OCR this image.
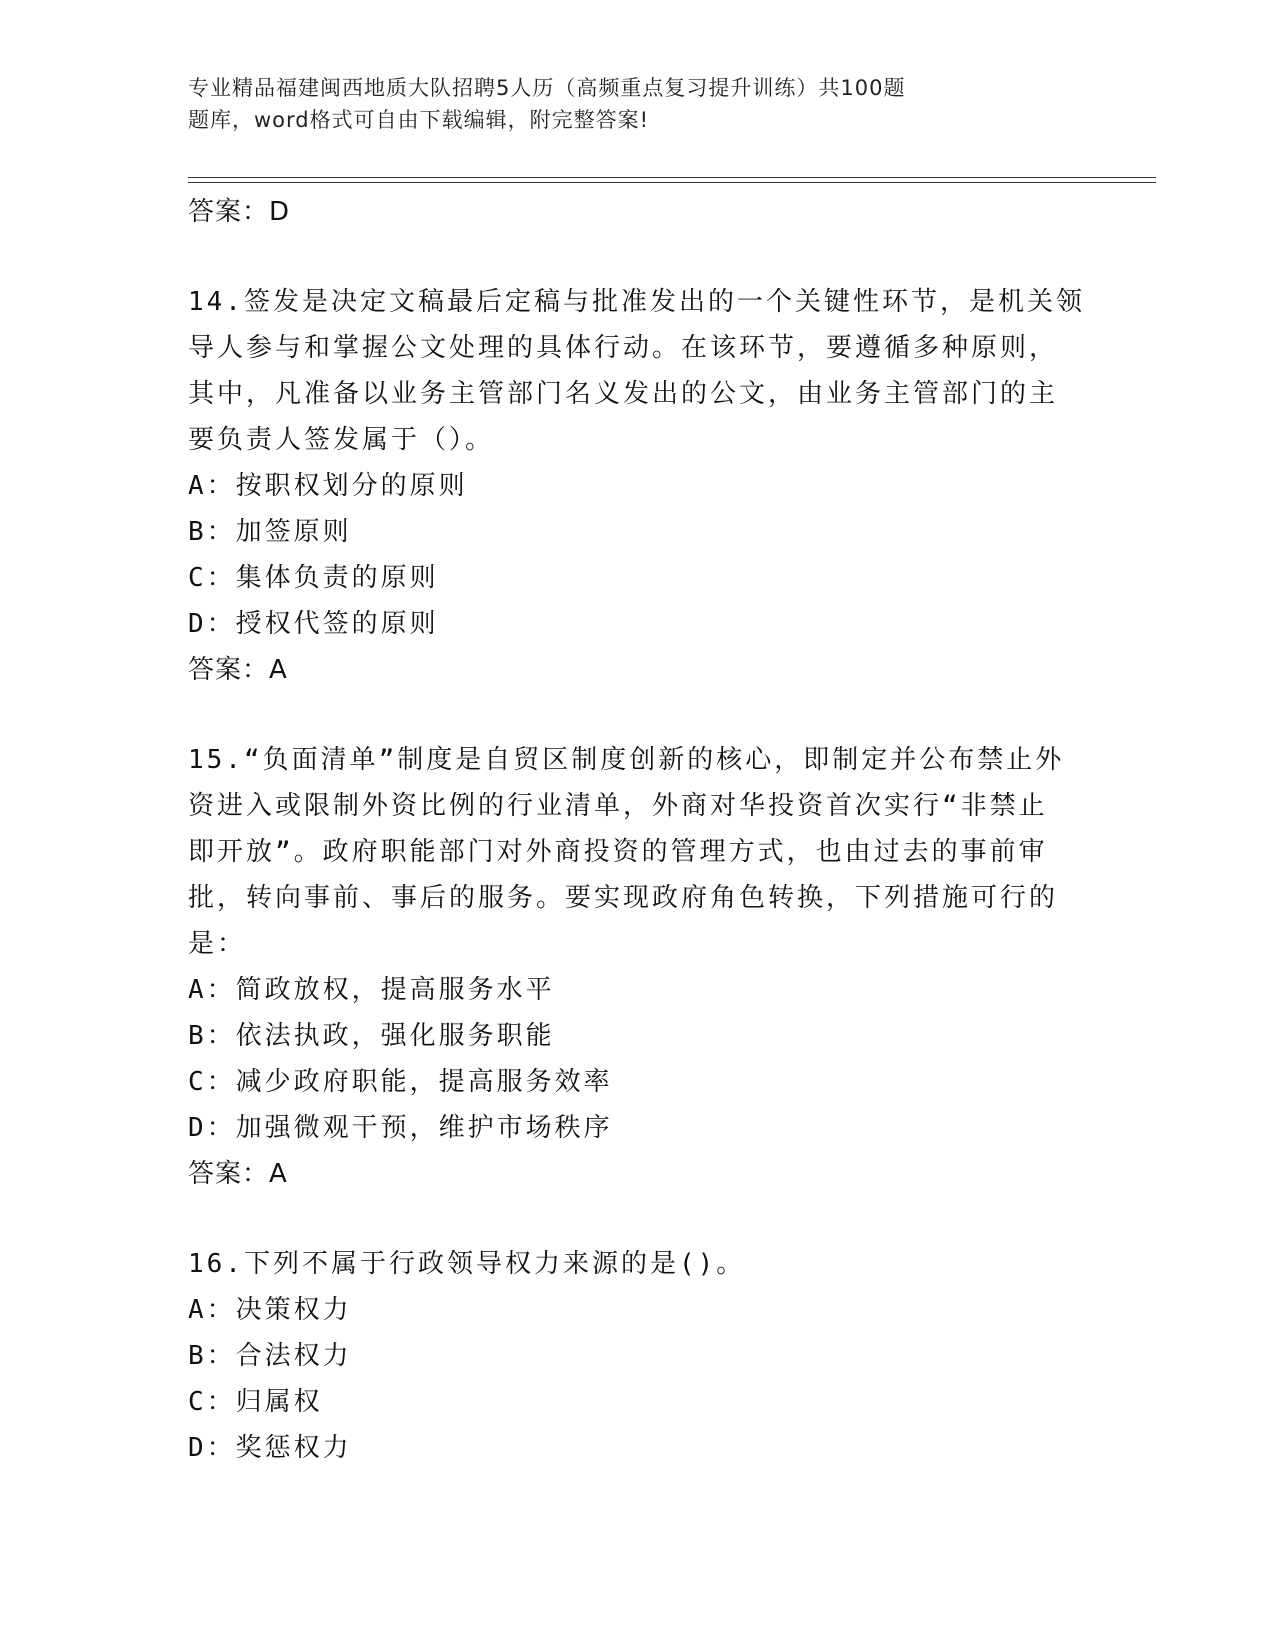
专业精品福建闽西地质大队招聘5人历（高频重点复习提升训练）共100题

题库，word格式可自由下载编辑，附完整答案!

答案：D

14.签发是决定文稿最后定稿与批准发出的一个关键性环节，是机关领

导人参与和掌握公文处理的具体行动。在该环节，要遵循多种原则，

其中，凡准备以业务主管部门名义发出的公文，由业务主管部门的主

要负责人签发属于（）。

A：按职权划分的原则

B：加签原则

C：集体负责的原则

D：授权代签的原则

答案：A

15.“负面清单”制度是自贸区制度创新的核心，即制定并公布禁止外

资进入或限制外资比例的行业清单，外商对华投资首次实行“非禁止

即开放”。政府职能部门对外商投资的管理方式，也由过去的事前审

批，转向事前、事后的服务。要实现政府角色转换，下列措施可行的

是：

A：简政放权，提高服务水平

B：依法执政，强化服务职能

C：减少政府职能，提高服务效率

D：加强微观干预，维护市场秩序

答案：A

16.下列不属于行政领导权力来源的是()。

A：决策权力

B：合法权力

C：归属权

D：奖惩权力
